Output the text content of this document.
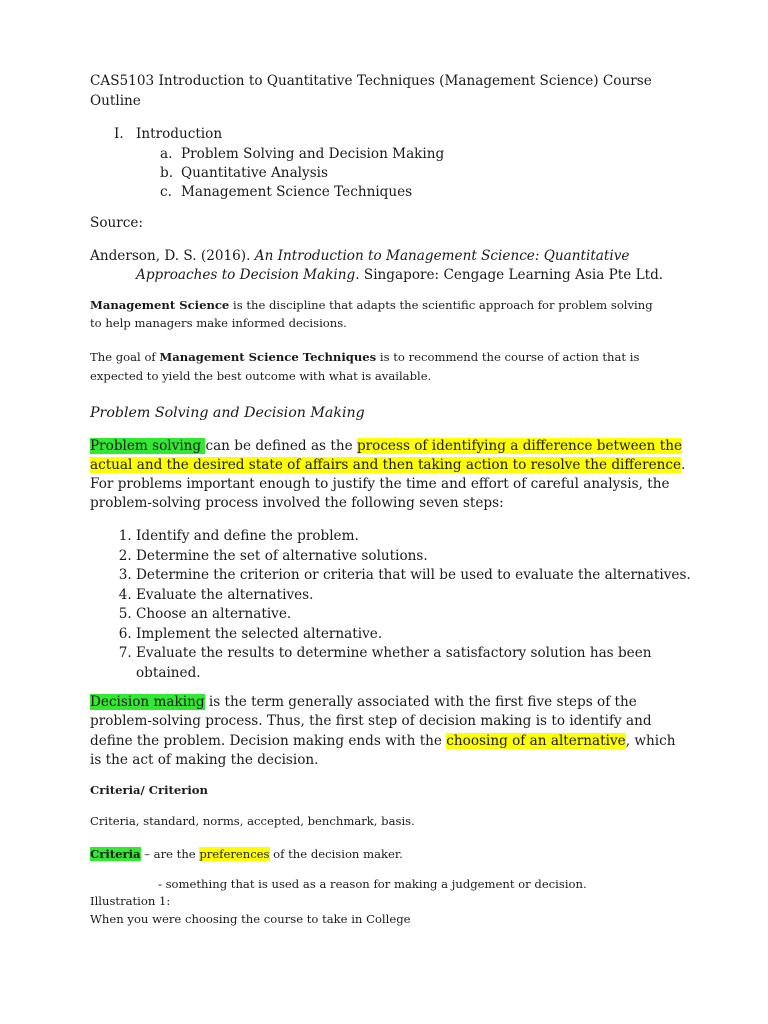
CAS5103 Introduction to Quantitative Techniques (Management Science) Course
Outline
I. Introduction
a. Problem Solving and Decision Making
b. Quantitative Analysis
c. Management Science Techniques
Source:
Anderson, D. S. (2016). An Introduction to Management Science: Quantitative
Approaches to Decision Making. Singapore: Cengage Learning Asia Pte Ltd.
Management Science is the discipline that adapts the scientific approach for problem solving
to help managers make informed decisions.
The goal of Management Science Techniques is to recommend the course of action that is
expected to yield the best outcome with what is available.
Problem Solving and Decision Making
Problem solving can be defined as the process of identifying a difference between the
actual and the desired state of affairs and then taking action to resolve the difference.
For problems important enough to justify the time and effort of careful analysis, the
problem-solving process involved the following seven steps:
1. Identify and define the problem.
2. Determine the set of alternative solutions.
3. Determine the criterion or criteria that will be used to evaluate the alternatives.
4. Evaluate the alternatives.
5. Choose an alternative.
6. Implement the selected alternative.
7. Evaluate the results to determine whether a satisfactory solution has been obtained.
Decision making is the term generally associated with the first five steps of the
problem-solving process. Thus, the first step of decision making is to identify and
define the problem. Decision making ends with the choosing of an alternative, which
is the act of making the decision.
Criteria/ Criterion
Criteria, standard, norms, accepted, benchmark, basis.
Criteria – are the preferences of the decision maker.
- something that is used as a reason for making a judgement or decision.
Illustration 1:
When you were choosing the course to take in College
